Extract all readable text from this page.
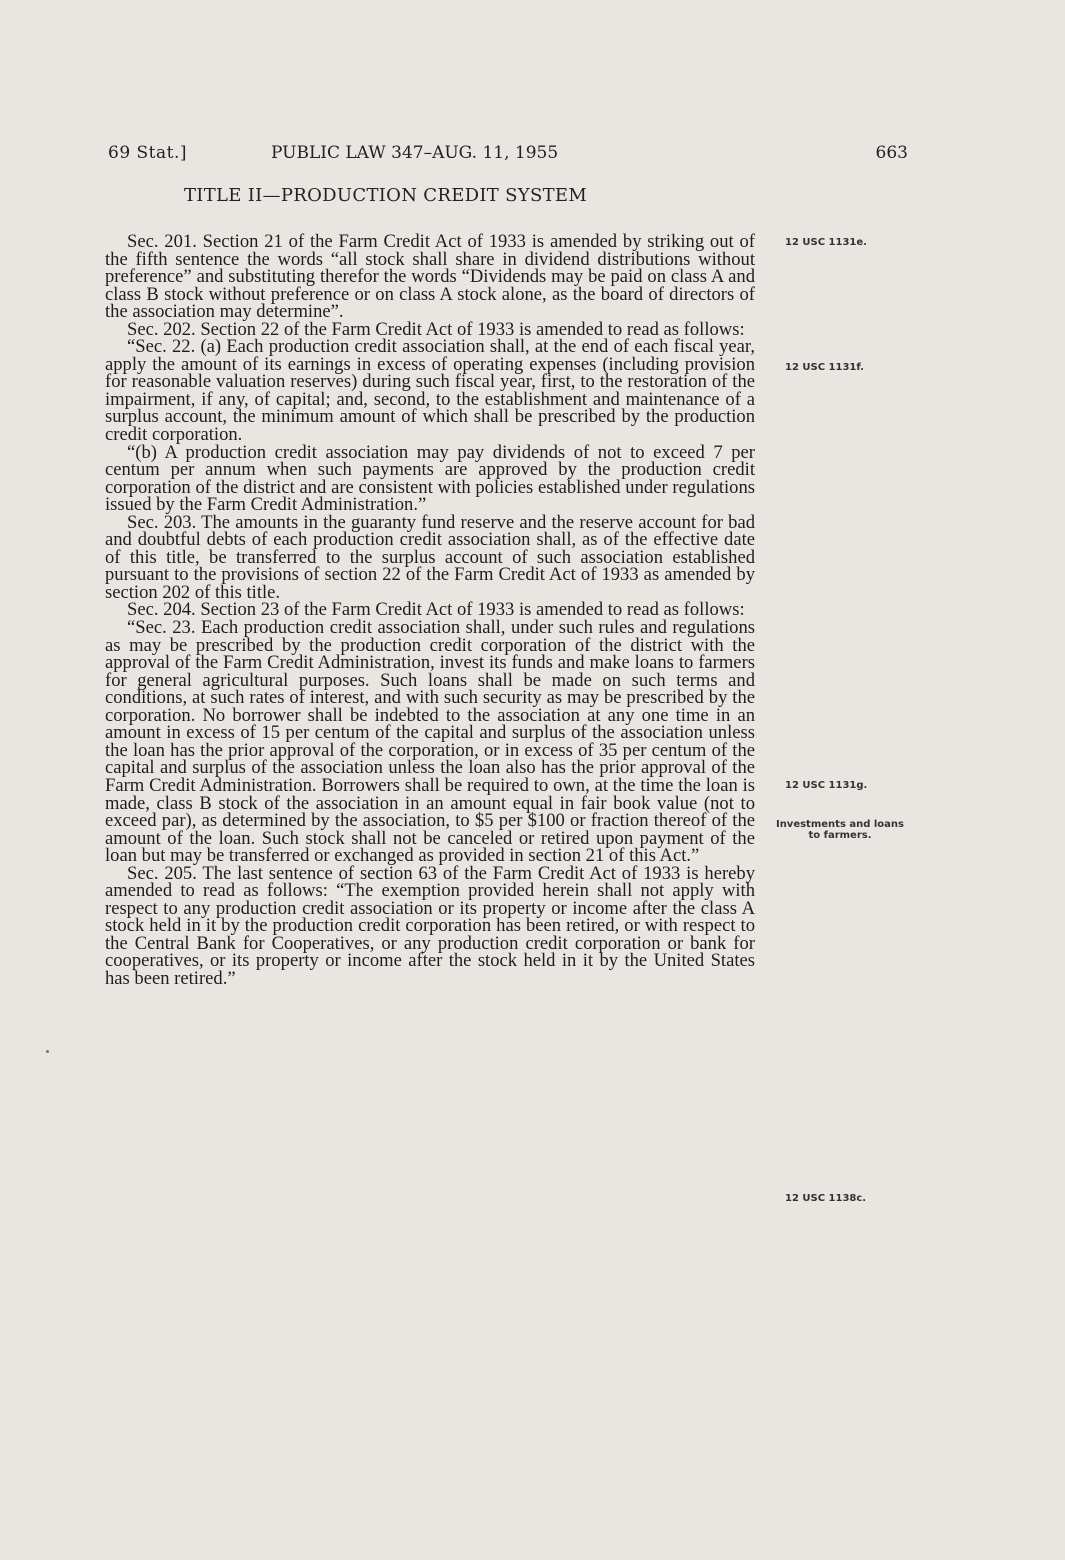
69 Stat.]	PUBLIC LAW 347–AUG. 11, 1955	663
TITLE II—PRODUCTION CREDIT SYSTEM

Sec. 201. Section 21 of the Farm Credit Act of 1933 is amended by striking out of the fifth sentence the words “all stock shall share in dividend distributions without preference” and substituting therefor the words “Dividends may be paid on class A and class B stock without preference or on class A stock alone, as the board of directors of the association may determine”.

Sec. 202. Section 22 of the Farm Credit Act of 1933 is amended to read as follows:

“Sec. 22. (a) Each production credit association shall, at the end of each fiscal year, apply the amount of its earnings in excess of operating expenses (including provision for reasonable valuation reserves) during such fiscal year, first, to the restoration of the impairment, if any, of capital; and, second, to the establishment and maintenance of a surplus account, the minimum amount of which shall be prescribed by the production credit corporation.

“(b) A production credit association may pay dividends of not to exceed 7 per centum per annum when such payments are approved by the production credit corporation of the district and are consistent with policies established under regulations issued by the Farm Credit Administration.”

Sec. 203. The amounts in the guaranty fund reserve and the reserve account for bad and doubtful debts of each production credit association shall, as of the effective date of this title, be transferred to the surplus account of such association established pursuant to the provisions of section 22 of the Farm Credit Act of 1933 as amended by section 202 of this title.

Sec. 204. Section 23 of the Farm Credit Act of 1933 is amended to read as follows:

“Sec. 23. Each production credit association shall, under such rules and regulations as may be prescribed by the production credit corporation of the district with the approval of the Farm Credit Administration, invest its funds and make loans to farmers for general agricultural purposes. Such loans shall be made on such terms and conditions, at such rates of interest, and with such security as may be prescribed by the corporation. No borrower shall be indebted to the association at any one time in an amount in excess of 15 per centum of the capital and surplus of the association unless the loan has the prior approval of the corporation, or in excess of 35 per centum of the capital and surplus of the association unless the loan also has the prior approval of the Farm Credit Administration. Borrowers shall be required to own, at the time the loan is made, class B stock of the association in an amount equal in fair book value (not to exceed par), as determined by the association, to $5 per $100 or fraction thereof of the amount of the loan. Such stock shall not be canceled or retired upon payment of the loan but may be transferred or exchanged as provided in section 21 of this Act.”

Sec. 205. The last sentence of section 63 of the Farm Credit Act of 1933 is hereby amended to read as follows: “The exemption provided herein shall not apply with respect to any production credit association or its property or income after the class A stock held in it by the production credit corporation has been retired, or with respect to the Central Bank for Cooperatives, or any production credit corporation or bank for cooperatives, or its property or income after the stock held in it by the United States has been retired.”

12 USC 1131e.
12 USC 1131f.
12 USC 1131g.
Investments and loans to farmers.
12 USC 1138c.
